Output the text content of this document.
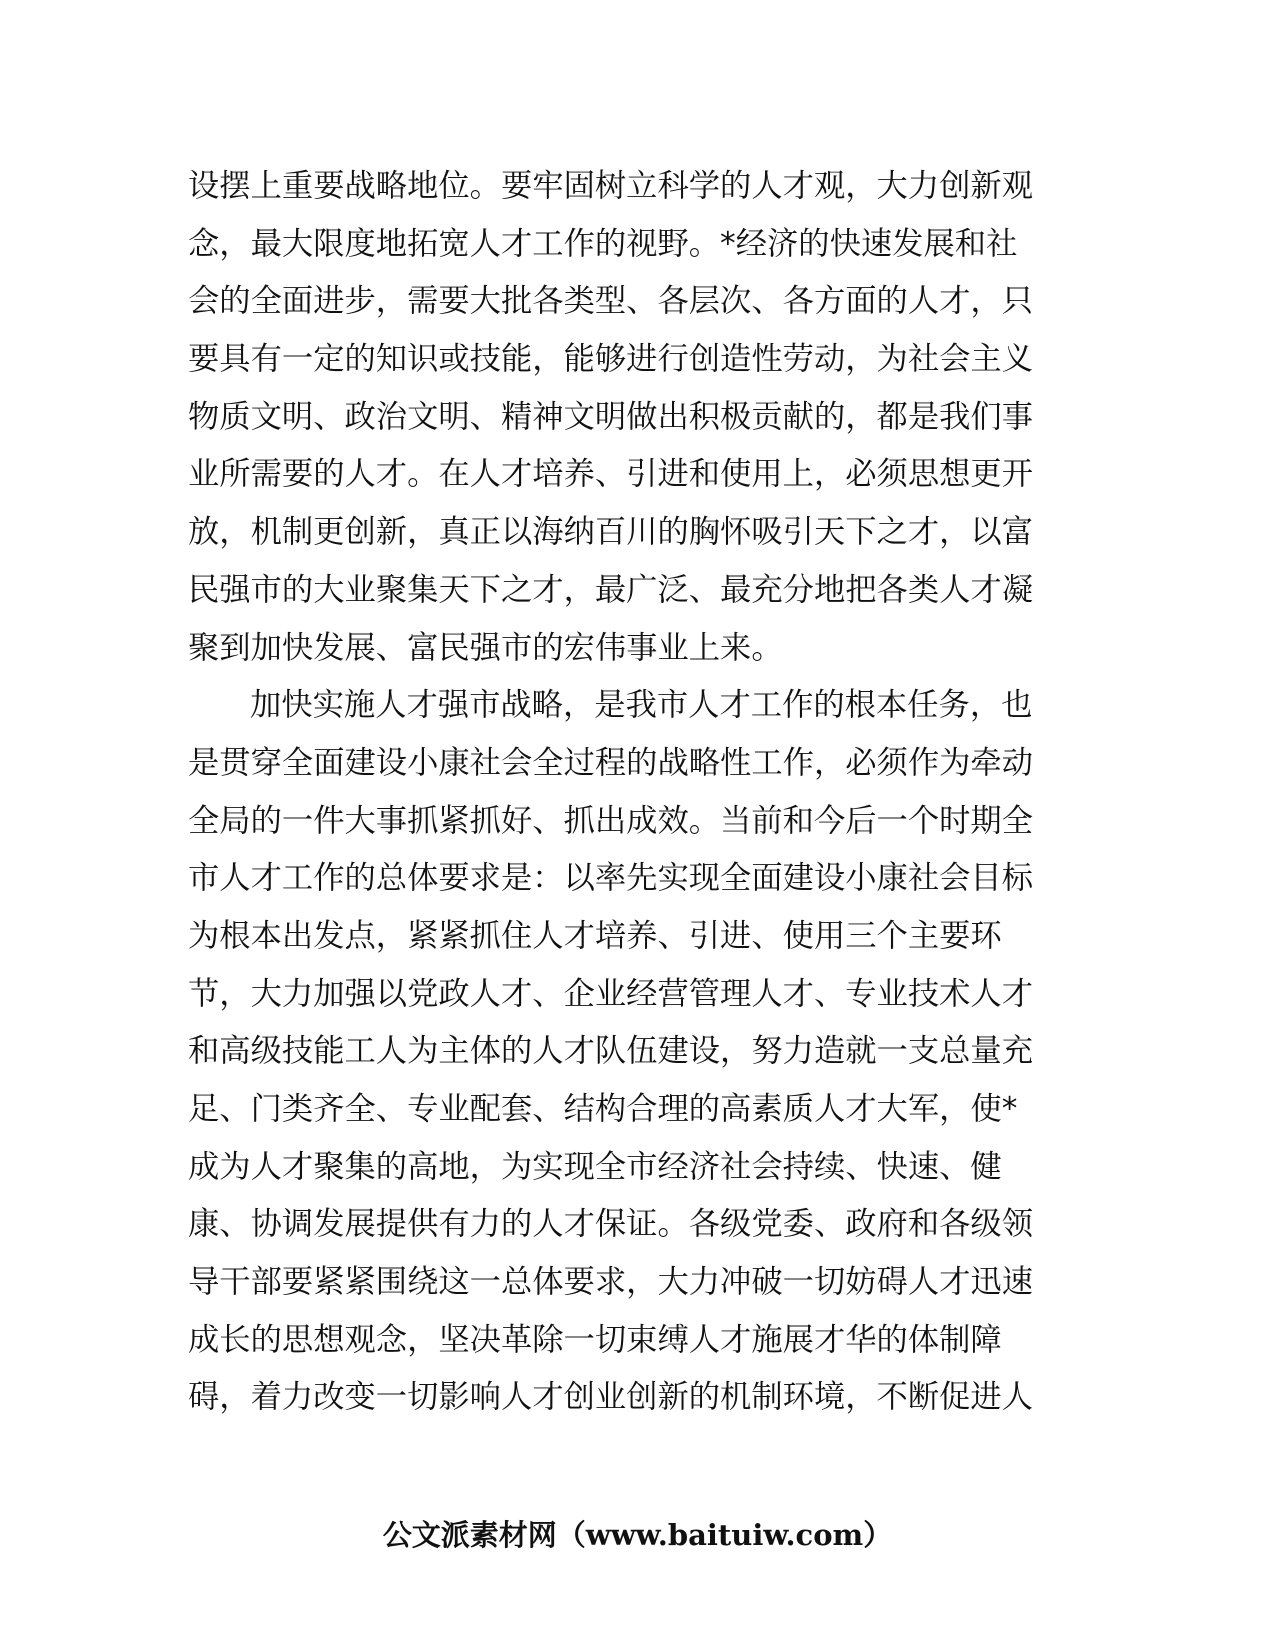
设摆上重要战略地位。要牢固树立科学的人才观，大力创新观
念，最大限度地拓宽人才工作的视野。*经济的快速发展和社
会的全面进步，需要大批各类型、各层次、各方面的人才，只
要具有一定的知识或技能，能够进行创造性劳动，为社会主义
物质文明、政治文明、精神文明做出积极贡献的，都是我们事
业所需要的人才。在人才培养、引进和使用上，必须思想更开
放，机制更创新，真正以海纳百川的胸怀吸引天下之才，以富
民强市的大业聚集天下之才，最广泛、最充分地把各类人才凝
聚到加快发展、富民强市的宏伟事业上来。
加快实施人才强市战略，是我市人才工作的根本任务，也
是贯穿全面建设小康社会全过程的战略性工作，必须作为牵动
全局的一件大事抓紧抓好、抓出成效。当前和今后一个时期全
市人才工作的总体要求是：以率先实现全面建设小康社会目标
为根本出发点，紧紧抓住人才培养、引进、使用三个主要环
节，大力加强以党政人才、企业经营管理人才、专业技术人才
和高级技能工人为主体的人才队伍建设，努力造就一支总量充
足、门类齐全、专业配套、结构合理的高素质人才大军，使*
成为人才聚集的高地，为实现全市经济社会持续、快速、健
康、协调发展提供有力的人才保证。各级党委、政府和各级领
导干部要紧紧围绕这一总体要求，大力冲破一切妨碍人才迅速
成长的思想观念，坚决革除一切束缚人才施展才华的体制障
碍，着力改变一切影响人才创业创新的机制环境，不断促进人
公文派素材网（www.baituiw.com）
